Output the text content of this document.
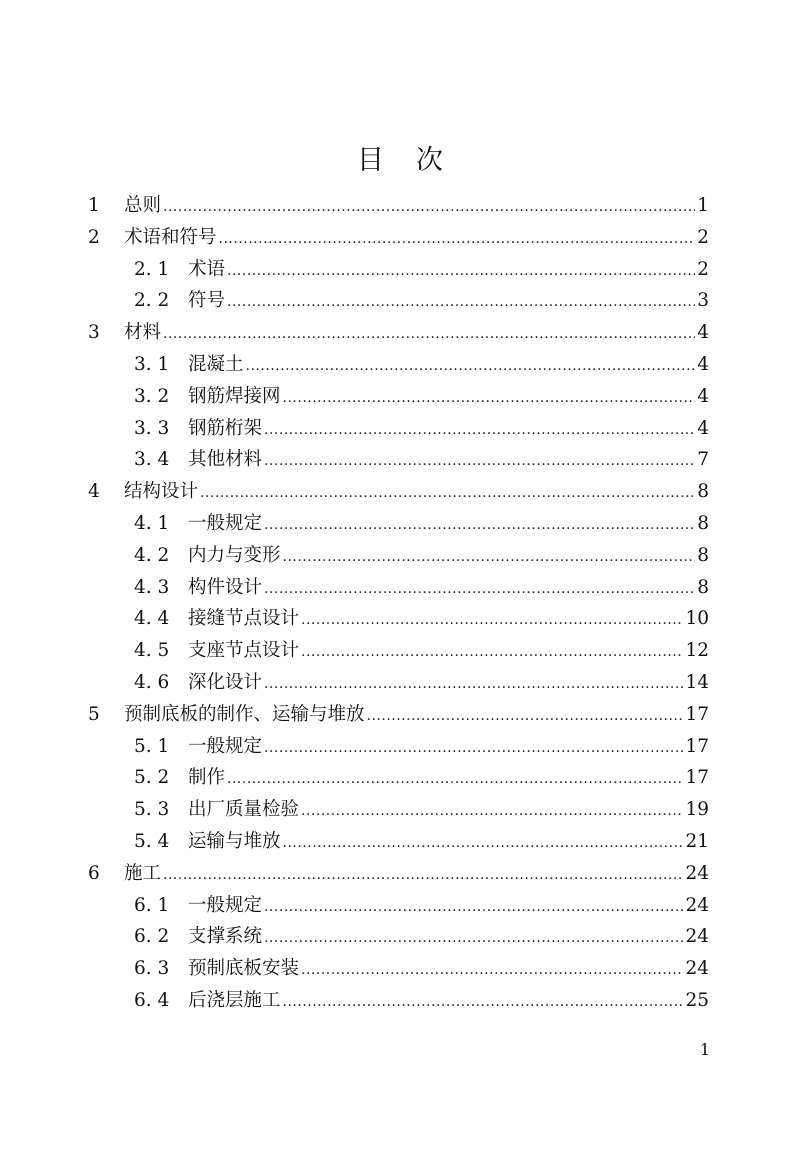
目 次
1	总则 .....	1
2	术语和符号 .....	2
2. 1	术语 .....	2
2. 2	符号 .....	3
3	材料 .....	4
3. 1	混凝土 .....	4
3. 2	钢筋焊接网 .....	4
3. 3	钢筋桁架 .....	4
3. 4	其他材料 .....	7
4	结构设计 .....	8
4. 1	一般规定 .....	8
4. 2	内力与变形 .....	8
4. 3	构件设计 .....	8
4. 4	接缝节点设计 .....	10
4. 5	支座节点设计 .....	12
4. 6	深化设计 .....	14
5	预制底板的制作、运输与堆放 .....	17
5. 1	一般规定 .....	17
5. 2	制作 .....	17
5. 3	出厂质量检验 .....	19
5. 4	运输与堆放 .....	21
6	施工 .....	24
6. 1	一般规定 .....	24
6. 2	支撑系统 .....	24
6. 3	预制底板安装 .....	24
6. 4	后浇层施工 .....	25
1
